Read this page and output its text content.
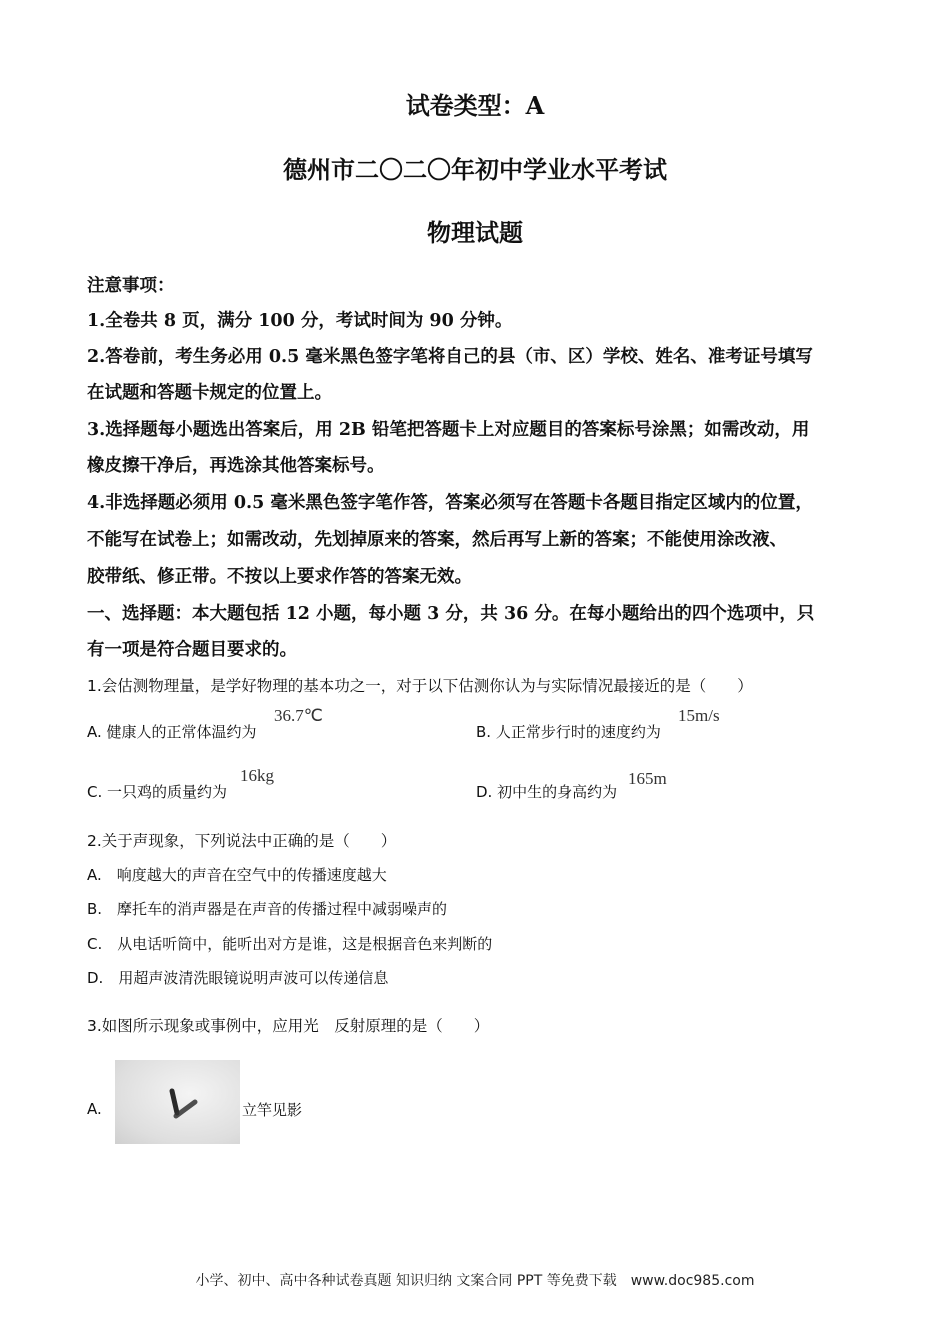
试卷类型：A
德州市二〇二〇年初中学业水平考试
物理试题
注意事项：
1.全卷共 8 页，满分 100 分，考试时间为 90 分钟。
2.答卷前，考生务必用 0.5 毫米黑色签字笔将自己的县（市、区）学校、姓名、准考证号填写
在试题和答题卡规定的位置上。
3.选择题每小题选出答案后，用 2B 铅笔把答题卡上对应题目的答案标号涂黑；如需改动，用
橡皮擦干净后，再选涂其他答案标号。
4.非选择题必须用 0.5 毫米黑色签字笔作答，答案必须写在答题卡各题目指定区域内的位置，
不能写在试卷上；如需改动，先划掉原来的答案，然后再写上新的答案；不能使用涂改液、
胶带纸、修正带。不按以上要求作答的答案无效。
一、选择题：本大题包括 12 小题，每小题 3 分，共 36 分。在每小题给出的四个选项中，只
有一项是符合题目要求的。
1.会估测物理量，是学好物理的基本功之一，对于以下估测你认为与实际情况最接近的是（　　）
A. 健康人的正常体温约为
36.7℃
B. 人正常步行时的速度约为
15m/s
C. 一只鸡的质量约为
16kg
D. 初中生的身高约为
165m
2.关于声现象，下列说法中正确的是（　　）
A.　响度越大的声音在空气中的传播速度越大
B.　摩托车的消声器是在声音的传播过程中减弱噪声的
C.　从电话听筒中，能听出对方是谁，这是根据音色来判断的
D.　用超声波清洗眼镜说明声波可以传递信息
3.如图所示现象或事例中，应用光　反射原理的是（　　）
A.	立竿见影
小学、初中、高中各种试卷真题 知识归纳 文案合同 PPT 等免费下载　www.doc985.com
